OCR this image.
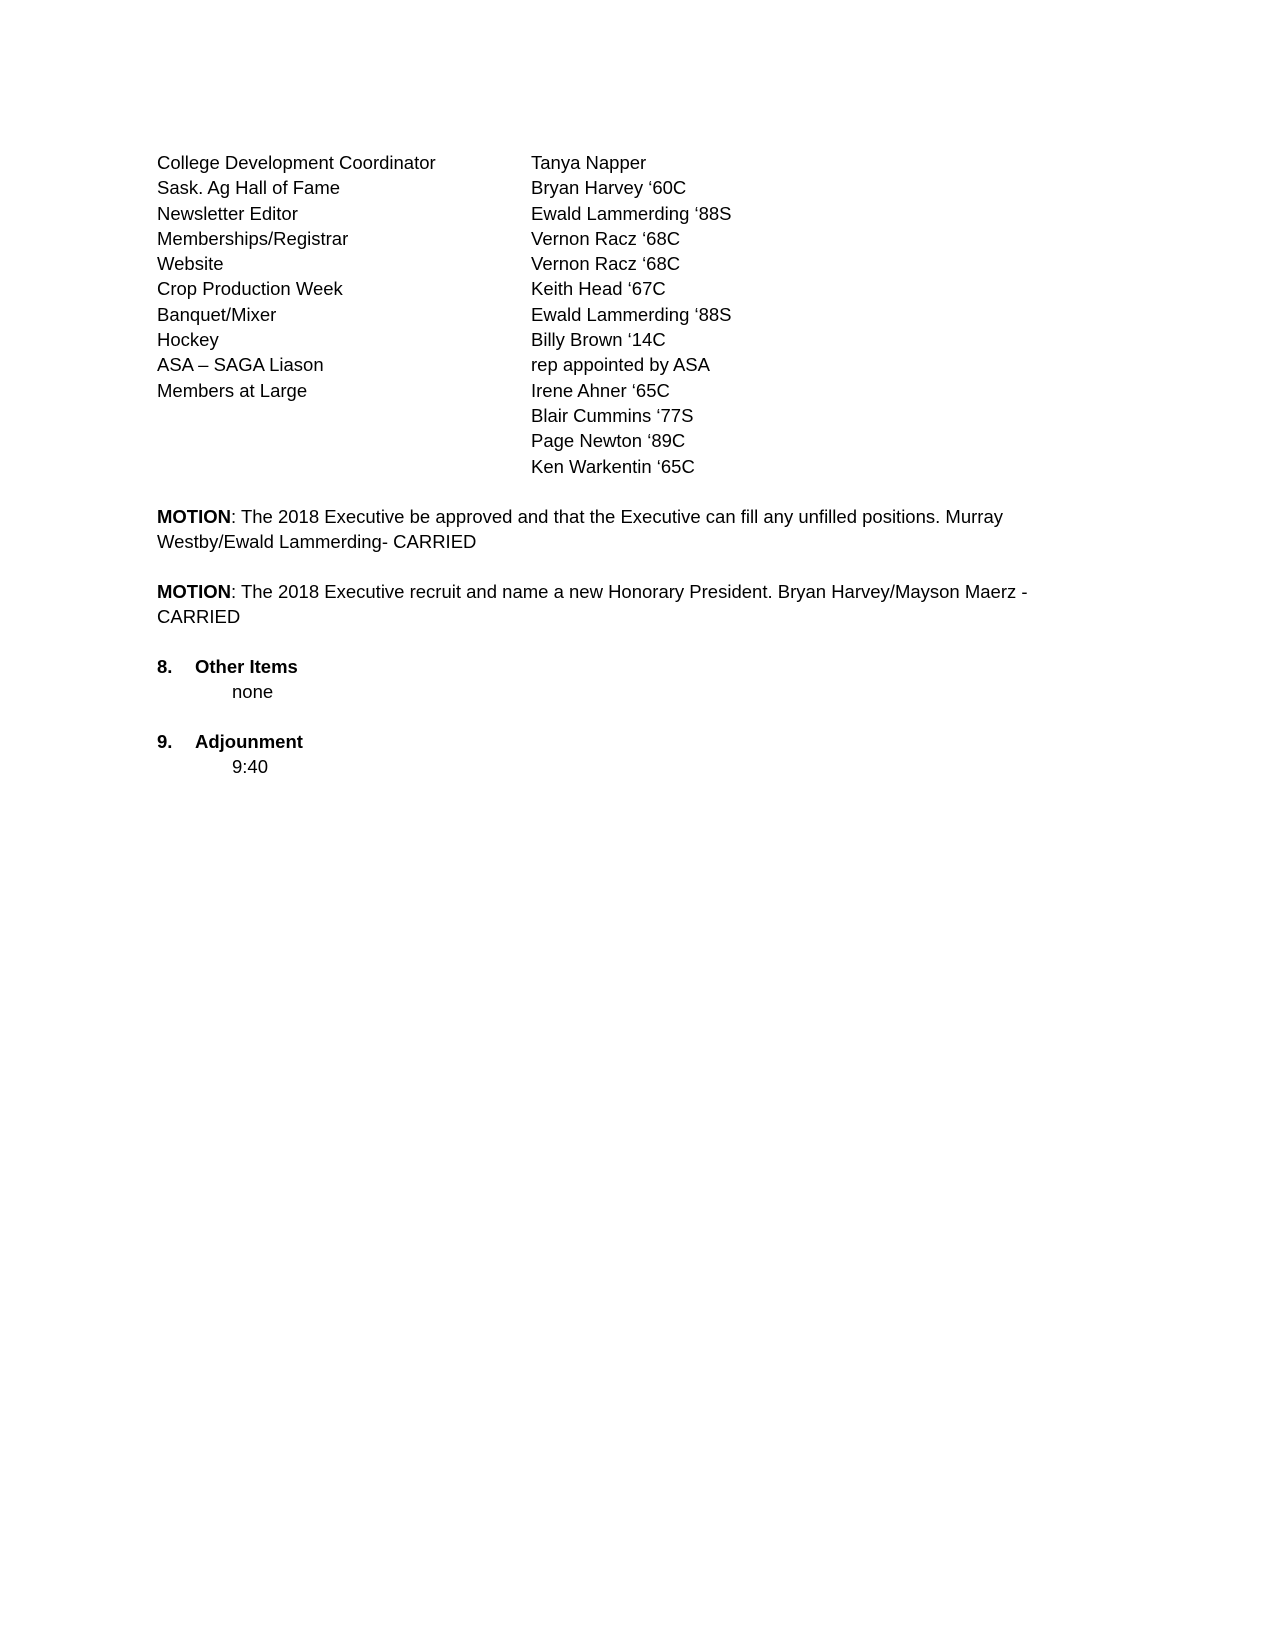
College Development Coordinator	Tanya Napper
Sask. Ag Hall of Fame	Bryan Harvey ‘60C
Newsletter Editor	Ewald Lammerding ‘88S
Memberships/Registrar	Vernon Racz ‘68C
Website	Vernon Racz ‘68C
Crop Production Week	Keith Head ‘67C
Banquet/Mixer	Ewald Lammerding ‘88S
Hockey	Billy Brown ‘14C
ASA – SAGA Liason	rep appointed by ASA
Members at Large	Irene Ahner ‘65C
Blair Cummins ‘77S
Page Newton ‘89C
Ken Warkentin ‘65C

MOTION: The 2018 Executive be approved and that the Executive can fill any unfilled positions. Murray Westby/Ewald Lammerding- CARRIED

MOTION: The 2018 Executive recruit and name a new Honorary President. Bryan Harvey/Mayson Maerz - CARRIED

8.	Other Items
none
9.	Adjounment
9:40
